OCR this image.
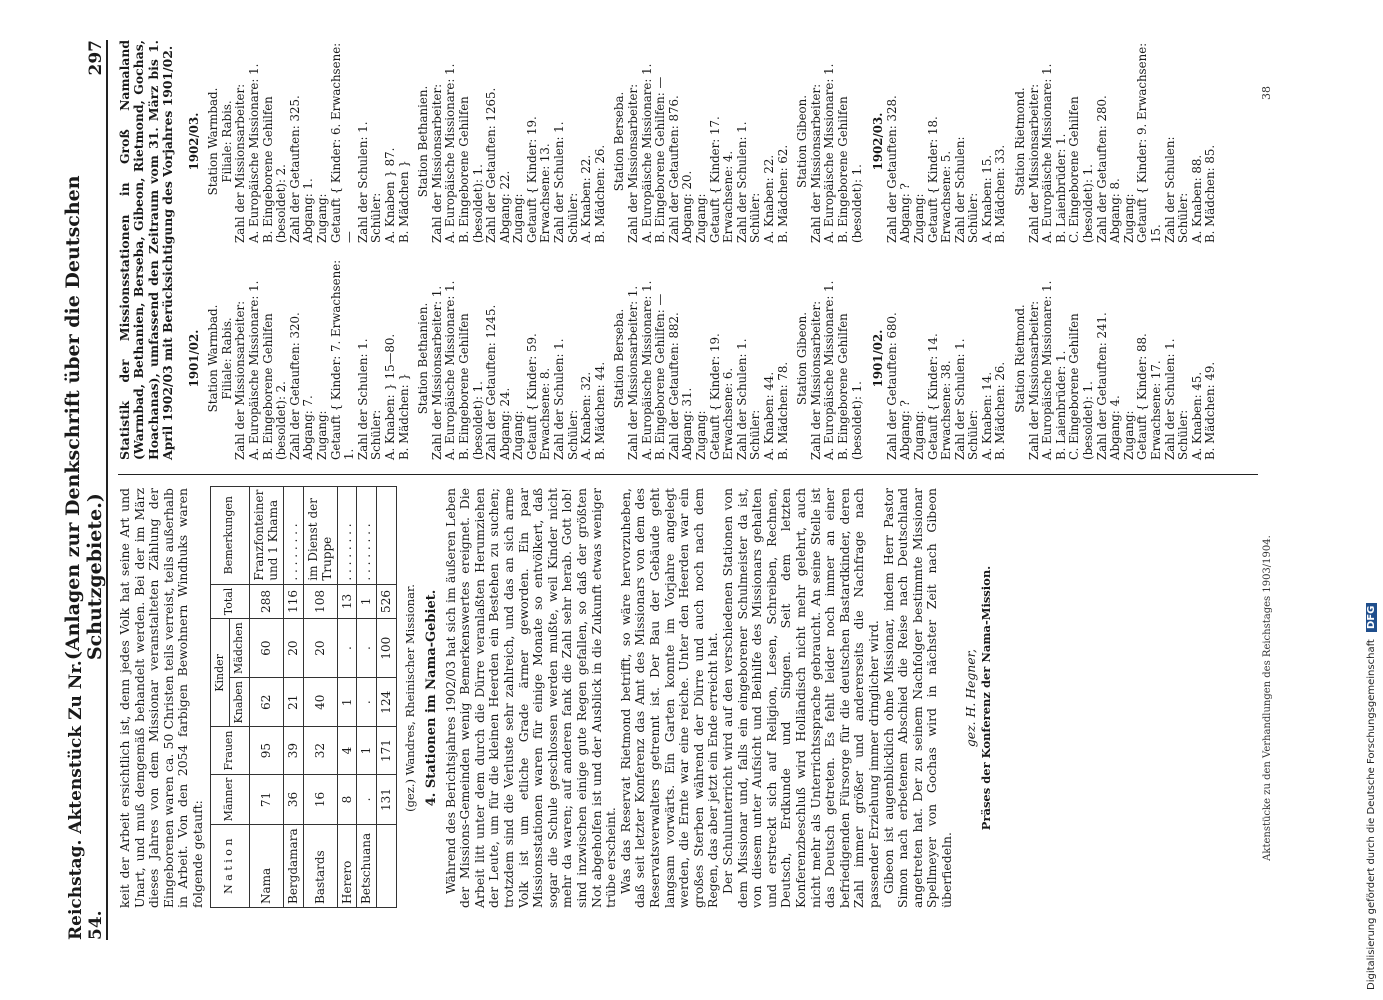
Reichstag. Aktenstück Zu Nr. 54.
(Anlagen zur Denkschrift über die Deutschen Schutzgebiete.)
297

keit der Arbeit ersichtlich ist, denn jedes Volk hat seine Art und Unart, und muß demgemäß behandelt werden. Bei der im März dieses Jahres von dem Missionar veranstalteten Zählung der Eingeborenen waren ca. 50 Christen teils verreist, teils außerhalb in Arbeit. Von den 2054 farbigen Bewohnern Windhuks waren folgende getauft: N a t i o n	Männer	Frauen	Kinder		Total	Bemerkungen
			Knaben	Mädchen		
Nama	71	95	62	60	288	Franzfonteiner und 1 Khama
Bergdamara	36	39	21	20	116	. . . . . . . .
Bastards	16	32	40	20	108	im Dienst der Truppe
Herero	8	4	1	.	13	. . . . . . . .
Betschuana	.	1	.	.	1	. . . . . . . .
	131	171	124	100	526	(gez.) Wandres, Rheinischer Missionar. 4. Stationen im Nama-Gebiet. Während des Berichtsjahres 1902/03 hat sich im äußeren Leben der Missions-Gemeinden wenig Bemerkenswertes ereignet. Die Arbeit litt unter dem durch die Dürre veranlaßten Herumziehen der Leute, um für die kleinen Heerden ein Bestehen zu suchen; trotzdem sind die Verluste sehr zahlreich, und das an sich arme Volk ist um etliche Grade ärmer geworden. Ein paar Missionsstationen waren für einige Monate so entvölkert, daß sogar die Schule geschlossen werden mußte, weil Kinder nicht mehr da waren; auf anderen fank die Zahl sehr herab. Gott lob! sind inzwischen einige gute Regen gefallen, so daß der größten Not abgeholfen ist und der Ausblick in die Zukunft etwas weniger trübe erscheint. Was das Reservat Rietmond betrifft, so wäre hervorzuheben, daß seit letzter Konferenz das Amt des Missionars von dem des Reservatsverwalters getrennt ist. Der Bau der Gebäude geht langsam vorwärts. Ein Garten konnte im Vorjahre angelegt werden, die Ernte war eine reiche. Unter den Heerden war ein großes Sterben während der Dürre und auch noch nach dem Regen, das aber jetzt ein Ende erreicht hat. Der Schulunterricht wird auf den verschiedenen Stationen von dem Missionar und, falls ein eingeborener Schulmeister da ist, von diesem unter Aufsicht und Beihilfe des Missionars gehalten und erstreckt sich auf Religion, Lesen, Schreiben, Rechnen, Deutsch, Erdkunde und Singen. Seit dem letzten Konferenzbeschluß wird Holländisch nicht mehr gelehrt, auch nicht mehr als Unterrichtssprache gebraucht. An seine Stelle ist das Deutsch getreten. Es fehlt leider noch immer an einer befriedigenden Fürsorge für die deutschen Bastardkinder, deren Zahl immer größer und andererseits die Nachfrage nach passender Erziehung immer dringlicher wird. Gibeon ist augenblicklich ohne Missionar, indem Herr Pastor Simon nach erbetenem Abschied die Reise nach Deutschland angetreten hat. Der zu seinem Nachfolger bestimmte Missionar Spellmeyer von Gochas wird in nächster Zeit nach Gibeon überfiedeln.

gez. H. Hegner, Präses der Konferenz der Nama-Mission.	Aktenstücke zu den Verhandlungen des Reichstages 1903/1904.
Statistik der Missionsstationen in Groß Namaland (Warmbad, Bethanien, Berseba, Gibeon, Rietmond, Gochas, Hoachanas), umfassend den Zeitraum vom 31. März bis 1. April 1902/03 mit Berücksichtigung des Vorjahres 1901/02. 1901/02. Station Warmbad. Filiale: Rabis. Zahl der Missionsarbeiter: A. Europäische Missionare: 1. B. Eingeborene Gehilfen (besoldet): 2. Zahl der Getauften: 320. Abgang: 7. Zugang: Getauft { Kinder: 7. Erwachsene: 1. Zahl der Schulen: 1. Schüler: A. Knaben: } 15—80. B. Mädchen: }
Station Bethanien. Zahl der Missionsarbeiter: 1. A. Europäische Missionare: 1. B. Eingeborene Gehilfen (besoldet): 1. Zahl der Getauften: 1245. Abgang: 24. Zugang: Getauft { Kinder: 59. Erwachsene: 8. Zahl der Schulen: 1. Schüler: A. Knaben: 32. B. Mädchen: 44.
Station Berseba. Zahl der Missionsarbeiter: 1. A. Europäische Missionare: 1. B. Eingeborene Gehilfen: — Zahl der Getauften: 882. Abgang: 31. Zugang: Getauft { Kinder: 19. Erwachsene: 6. Zahl der Schulen: 1. Schüler: A. Knaben: 44. B. Mädchen: 78.
Station Gibeon. Zahl der Missionsarbeiter: A. Europäische Missionare: 1. B. Eingeborene Gehilfen (besoldet): 1.
1901/02. Zahl der Getauften: 680. Abgang: ? Zugang: Getauft { Kinder: 14. Erwachsene: 38. Zahl der Schulen: 1. Schüler: A. Knaben: 14. B. Mädchen: 26. Station Rietmond. Zahl der Missionsarbeiter: A. Europäische Missionare: 1. B. Laienbrüder: 1. C. Eingeborene Gehilfen (besoldet): 1. Zahl der Getauften: 241. Abgang: 4. Zugang: Getauft { Kinder: 88. Erwachsene: 17. Zahl der Schulen: 1. Schüler: A. Knaben: 45. B. Mädchen: 49.
1902/03. Station Warmbad. Filiale: Rabis. Zahl der Missionsarbeiter: A. Europäische Missionare: 1. B. Eingeborene Gehilfen (besoldet): 2. Zahl der Getauften: 325. Abgang: 1. Zugang: Getauft { Kinder: 6. Erwachsene: — Zahl der Schulen: 1. Schüler: A. Knaben } 87. B. Mädchen }
Station Bethanien. Zahl der Missionsarbeiter: A. Europäische Missionare: 1. B. Eingeborene Gehilfen (besoldet): 1. Zahl der Getauften: 1265. Abgang: 22. Zugang: Getauft { Kinder: 19. Erwachsene: 13. Zahl der Schulen: 1. Schüler: A. Knaben: 22. B. Mädchen: 26.
Station Berseba. Zahl der Missionsarbeiter: A. Europäische Missionare: 1. B. Eingeborene Gehilfen: — Zahl der Getauften: 876. Abgang: 20. Zugang: Getauft { Kinder: 17. Erwachsene: 4. Zahl der Schulen: 1. Schüler: A. Knaben: 22. B. Mädchen: 62.
Station Gibeon. Zahl der Missionsarbeiter: A. Europäische Missionare: 1. B. Eingeborene Gehilfen (besoldet): 1.
1902/03. Zahl der Getauften: 328. Abgang: ? Zugang: Getauft { Kinder: 18. Erwachsene: 5. Zahl der Schulen: Schüler: A. Knaben: 15. B. Mädchen: 33. Station Rietmond. Zahl der Missionsarbeiter: A. Europäische Missionare: 1. B. Laienbrüder: 1. C. Eingeborene Gehilfen (besoldet): 1. Zahl der Getauften: 280. Abgang: 8. Zugang: Getauft { Kinder: 9. Erwachsene: 15. Zahl der Schulen: Schüler: A. Knaben: 88. B. Mädchen: 85.
38
Digitalisierung gefördert durch die Deutsche Forschungsgemeinschaft DFG
